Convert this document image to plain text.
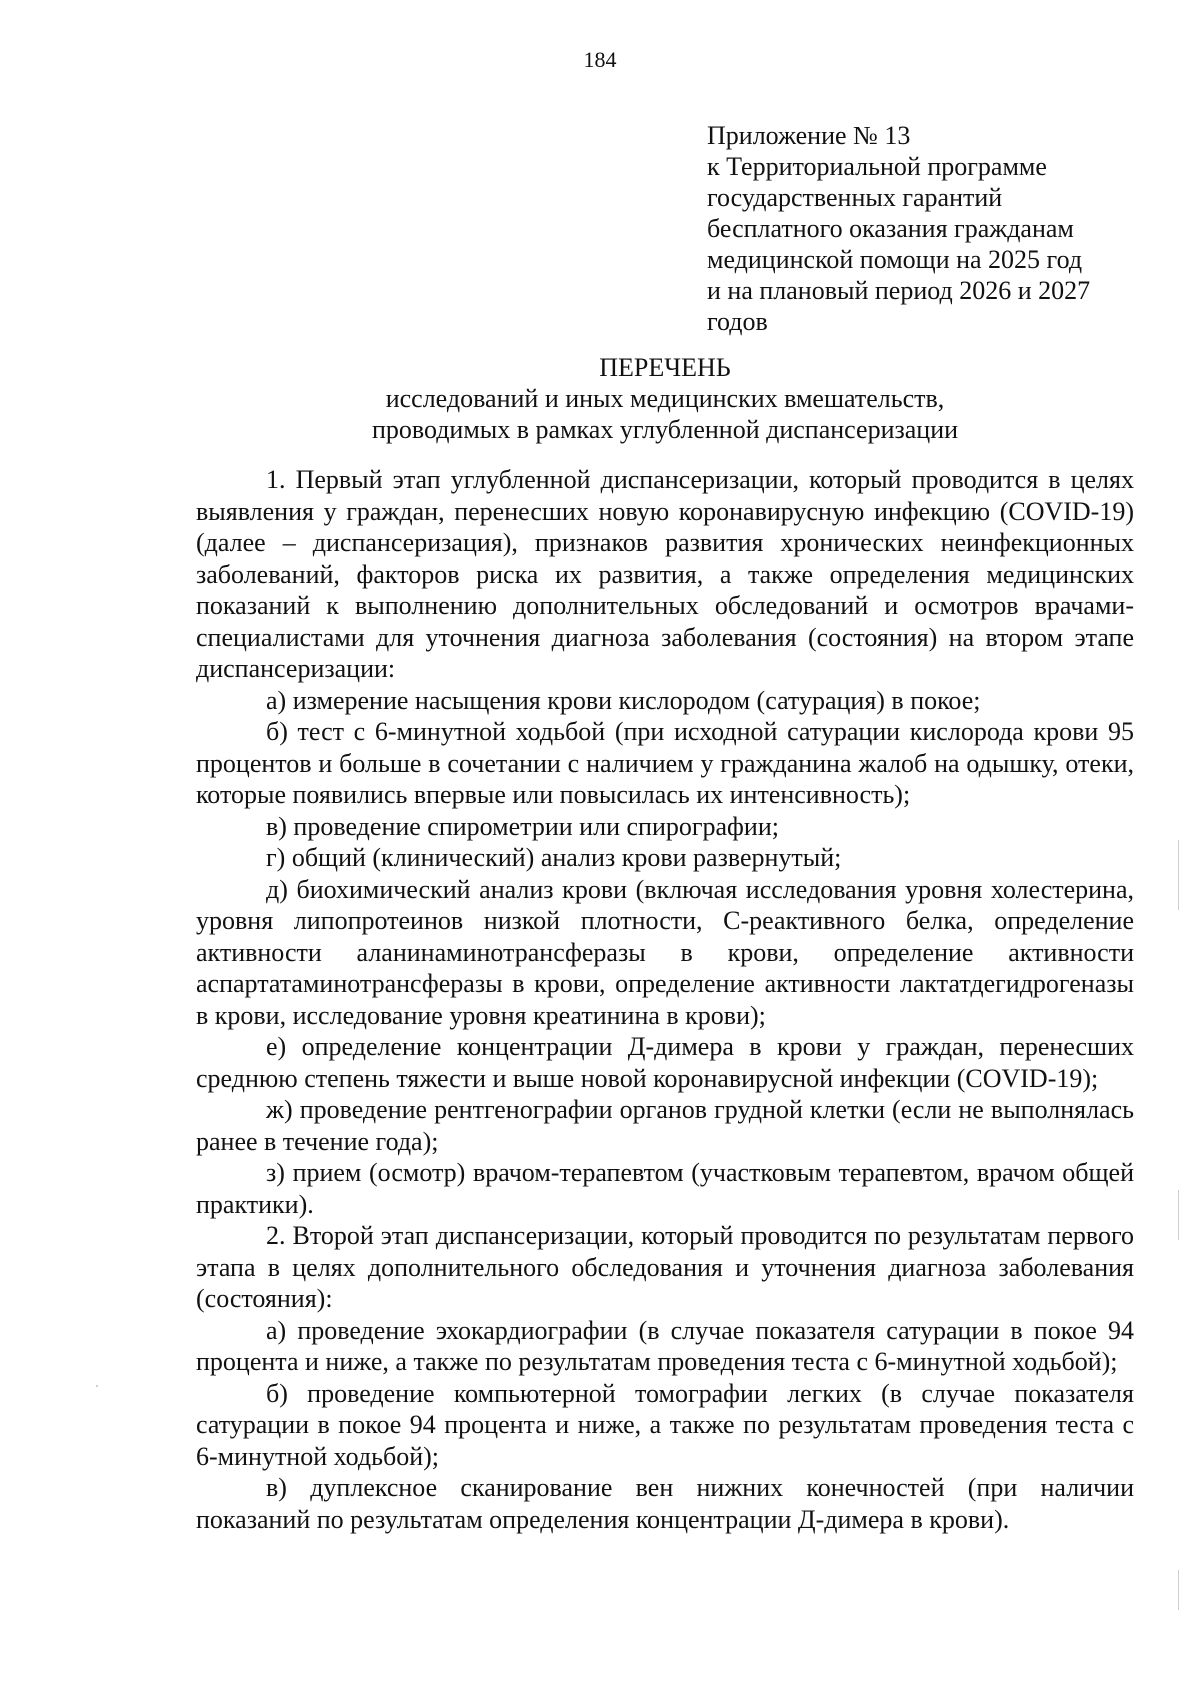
184
Приложение № 13
к Территориальной программе
государственных гарантий
бесплатного оказания гражданам
медицинской помощи на 2025 год
и на плановый период 2026 и 2027
годов
ПЕРЕЧЕНЬ
исследований и иных медицинских вмешательств,
проводимых в рамках углубленной диспансеризации

1. Первый этап углубленной диспансеризации, который проводится в целях выявления у граждан, перенесших новую коронавирусную инфекцию (COVID-19) (далее – диспансеризация), признаков развития хронических неинфекционных заболеваний, факторов риска их развития, а также определения медицинских показаний к выполнению дополнительных обследований и осмотров врачами-специалистами для уточнения диагноза заболевания (состояния) на втором этапе диспансеризации:

а) измерение насыщения крови кислородом (сатурация) в покое;

б) тест с 6-минутной ходьбой (при исходной сатурации кислорода крови 95 процентов и больше в сочетании с наличием у гражданина жалоб на одышку, отеки, которые появились впервые или повысилась их интенсивность);

в) проведение спирометрии или спирографии;

г) общий (клинический) анализ крови развернутый;

д) биохимический анализ крови (включая исследования уровня холестерина, уровня липопротеинов низкой плотности, С-реактивного белка, определение активности аланинаминотрансферазы в крови, определение активности аспартатаминотрансферазы в крови, определение активности лактатдегидрогеназы в крови, исследование уровня креатинина в крови);

е) определение концентрации Д-димера в крови у граждан, перенесших среднюю степень тяжести и выше новой коронавирусной инфекции (COVID-19);

ж) проведение рентгенографии органов грудной клетки (если не выполнялась ранее в течение года);

з) прием (осмотр) врачом-терапевтом (участковым терапевтом, врачом общей практики).

2. Второй этап диспансеризации, который проводится по результатам первого этапа в целях дополнительного обследования и уточнения диагноза заболевания (состояния):

а) проведение эхокардиографии (в случае показателя сатурации в покое 94 процента и ниже, а также по результатам проведения теста с 6-минутной ходьбой);

б) проведение компьютерной томографии легких (в случае показателя сатурации в покое 94 процента и ниже, а также по результатам проведения теста с 6-минутной ходьбой);

в) дуплексное сканирование вен нижних конечностей (при наличии показаний по результатам определения концентрации Д-димера в крови).
